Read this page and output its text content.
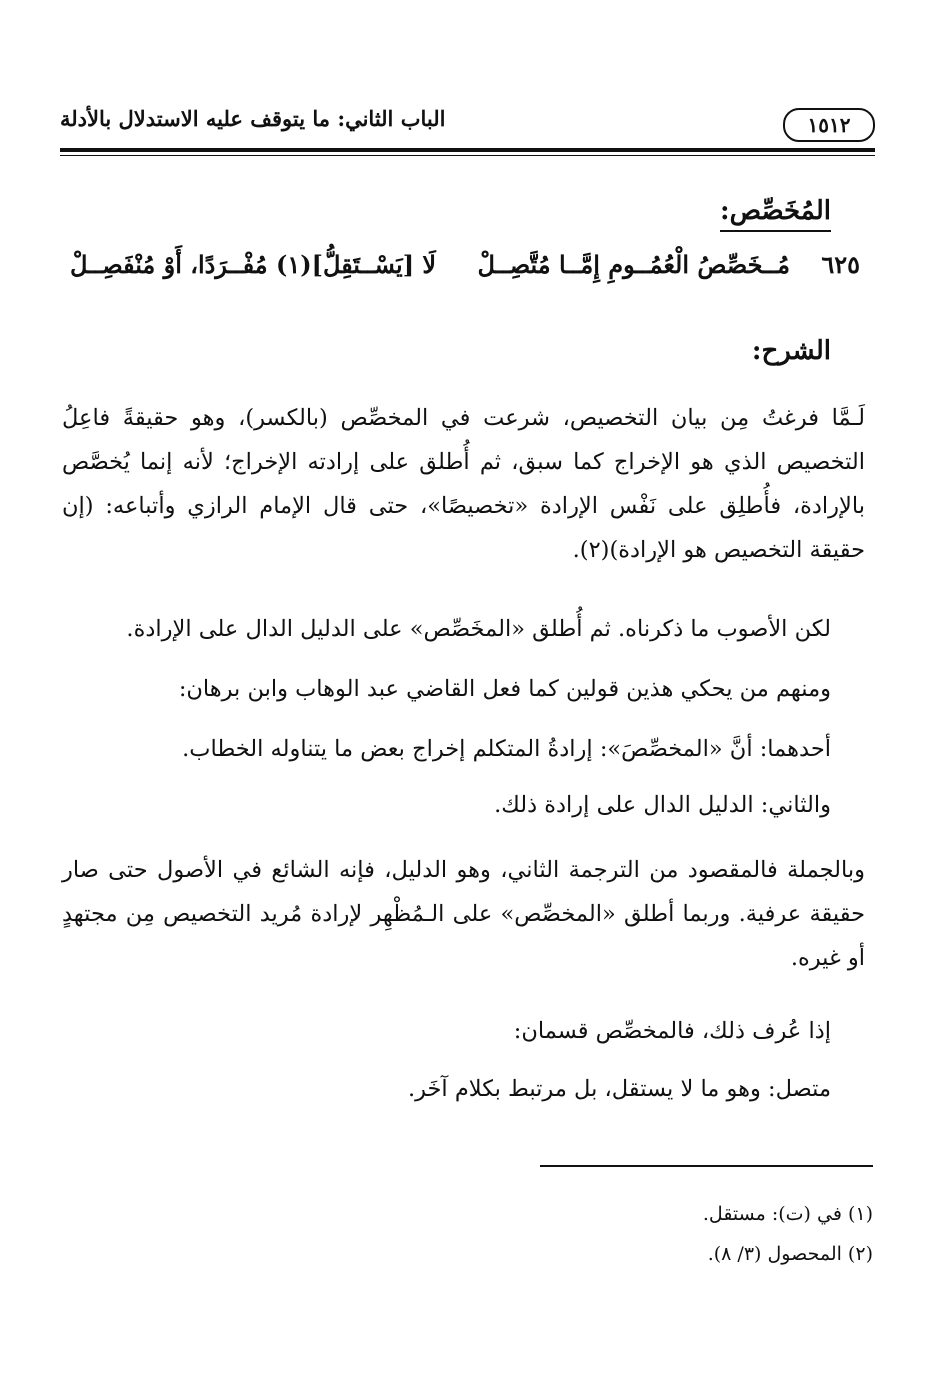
١٥١٢
الباب الثاني: ما يتوقف عليه الاستدلال بالأدلة
المُخَصِّص:
٦٢٥
مُــخَصِّصُ الْعُمُــومِ إِمَّــا مُتَّصِــلْ
لَا [يَسْــتَقِلُّ](١) مُفْــرَدًا، أَوْ مُنْفَصِــلْ
الشرح:
لَـمَّا فرغتُ مِن بيان التخصيص، شرعت في المخصِّص (بالكسر)، وهو حقيقةً فاعِلُ التخصيص الذي هو الإخراج كما سبق، ثم أُطلق على إرادته الإخراج؛ لأنه إنما يُخصَّص بالإرادة، فأُطلِق على نَفْس الإرادة «تخصيصًا»، حتى قال الإمام الرازي وأتباعه: (إن حقيقة التخصيص هو الإرادة)(٢).
لكن الأصوب ما ذكرناه. ثم أُطلق «المخَصِّص» على الدليل الدال على الإرادة.
ومنهم من يحكي هذين قولين كما فعل القاضي عبد الوهاب وابن برهان:
أحدهما: أنَّ «المخصِّصَ»: إرادةُ المتكلم إخراج بعض ما يتناوله الخطاب.
والثاني: الدليل الدال على إرادة ذلك.
وبالجملة فالمقصود من الترجمة الثاني، وهو الدليل، فإنه الشائع في الأصول حتى صار حقيقة عرفية. وربما أطلق «المخصِّص» على الـمُظْهِر لإرادة مُريد التخصيص مِن مجتهدٍ أو غيره.
إذا عُرف ذلك، فالمخصِّص قسمان:
متصل: وهو ما لا يستقل، بل مرتبط بكلام آخَر.
(١) في (ت): مستقل.
(٢) المحصول (٣/ ٨).
